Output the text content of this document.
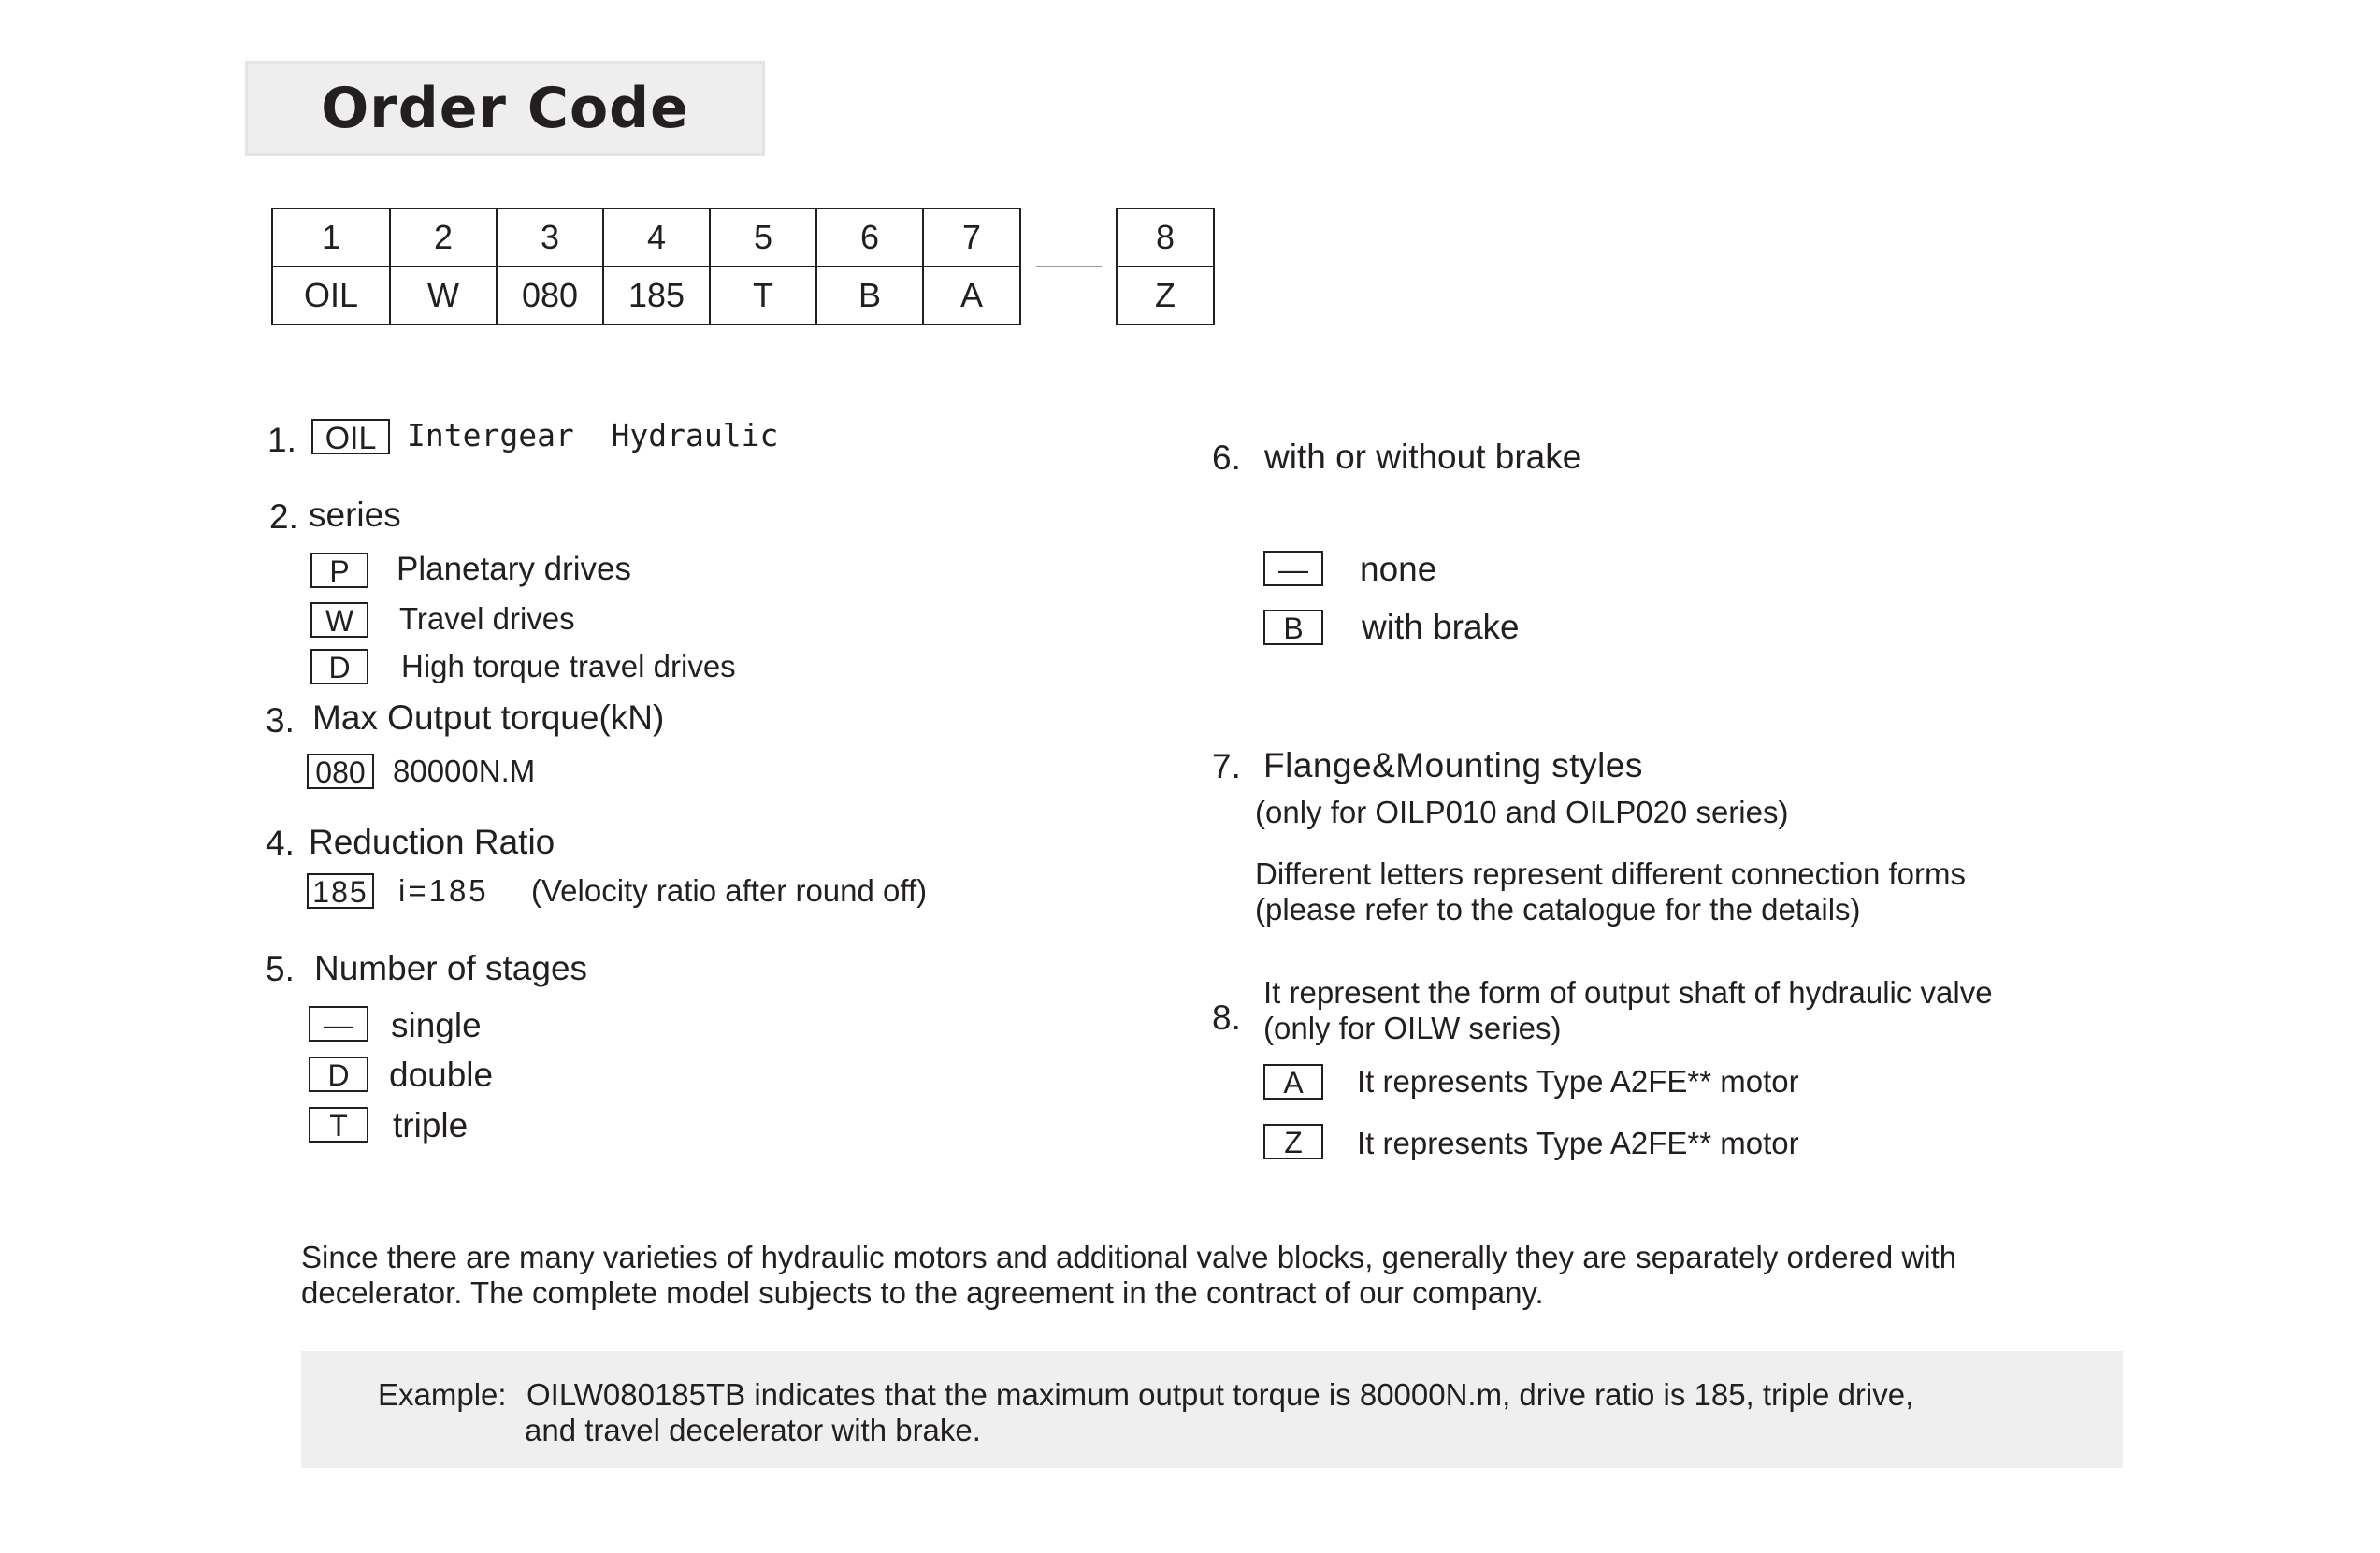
Order Code
1	2	3	4	5	6	7
OIL	W	080	185	T	B	A
8
Z
1. OIL Intergear  Hydraulic
2. series
P	Planetary drives
W	Travel drives
D	High torque travel drives
3. Max Output torque(kN)
080 80000N.M
4. Reduction Ratio
185 i=185 (Velocity ratio after round off)
5. Number of stages
—	single
D	double
T	triple
6. with or without brake
—	none
B	with brake
7. Flange&Mounting styles
(only for OILP010 and OILP020 series)
Different letters represent different connection forms
(please refer to the catalogue for the details)
8.
It represent the form of output shaft of hydraulic valve
(only for OILW series)
A	It represents Type A2FE** motor
Z	It represents Type A2FE** motor
Since there are many varieties of hydraulic motors and additional valve blocks, generally they are separately ordered with
decelerator. The complete model subjects to the agreement in the contract of our company.
Example: OILW080185TB indicates that the maximum output torque is 80000N.m, drive ratio is 185, triple drive,
and travel decelerator with brake.
